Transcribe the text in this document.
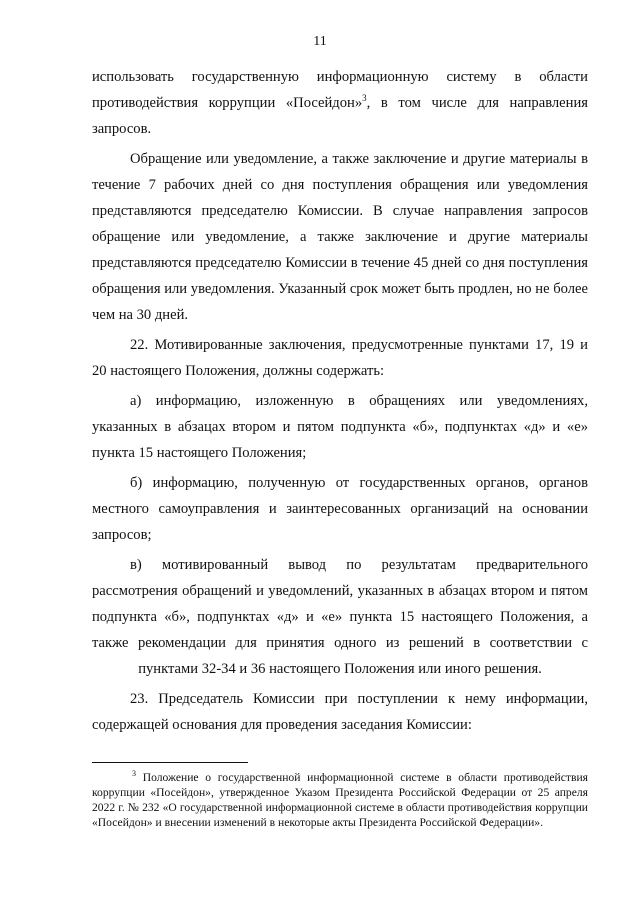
11

использовать государственную информационную систему в области противодействия коррупции «Посейдон»$^3$, в том числе для направления запросов.

Обращение или уведомление, а также заключение и другие материалы в течение 7 рабочих дней со дня поступления обращения или уведомления представляются председателю Комиссии. В случае направления запросов обращение или уведомление, а также заключение и другие материалы представляются председателю Комиссии в течение 45 дней со дня поступления обращения или уведомления. Указанный срок может быть продлен, но не более чем на 30 дней.

22. Мотивированные заключения, предусмотренные пунктами 17, 19 и 20 настоящего Положения, должны содержать:

а) информацию, изложенную в обращениях или уведомлениях, указанных в абзацах втором и пятом подпункта «б», подпунктах «д» и «е» пункта 15 настоящего Положения;

б) информацию, полученную от государственных органов, органов местного самоуправления и заинтересованных организаций на основании запросов;

в) мотивированный вывод по результатам предварительного рассмотрения обращений и уведомлений, указанных в абзацах втором и пятом подпункта «б», подпунктах «д» и «е» пункта 15 настоящего Положения, а также рекомендации для принятия одного из решений в соответствии с пунктами 32-34 и 36 настоящего Положения или иного решения.

23. Председатель Комиссии при поступлении к нему информации, содержащей основания для проведения заседания Комиссии:

$^3$ Положение о государственной информационной системе в области противодействия коррупции «Посейдон», утвержденное Указом Президента Российской Федерации от 25 апреля 2022 г. № 232 «О государственной информационной системе в области противодействия коррупции «Посейдон» и внесении изменений в некоторые акты Президента Российской Федерации».
